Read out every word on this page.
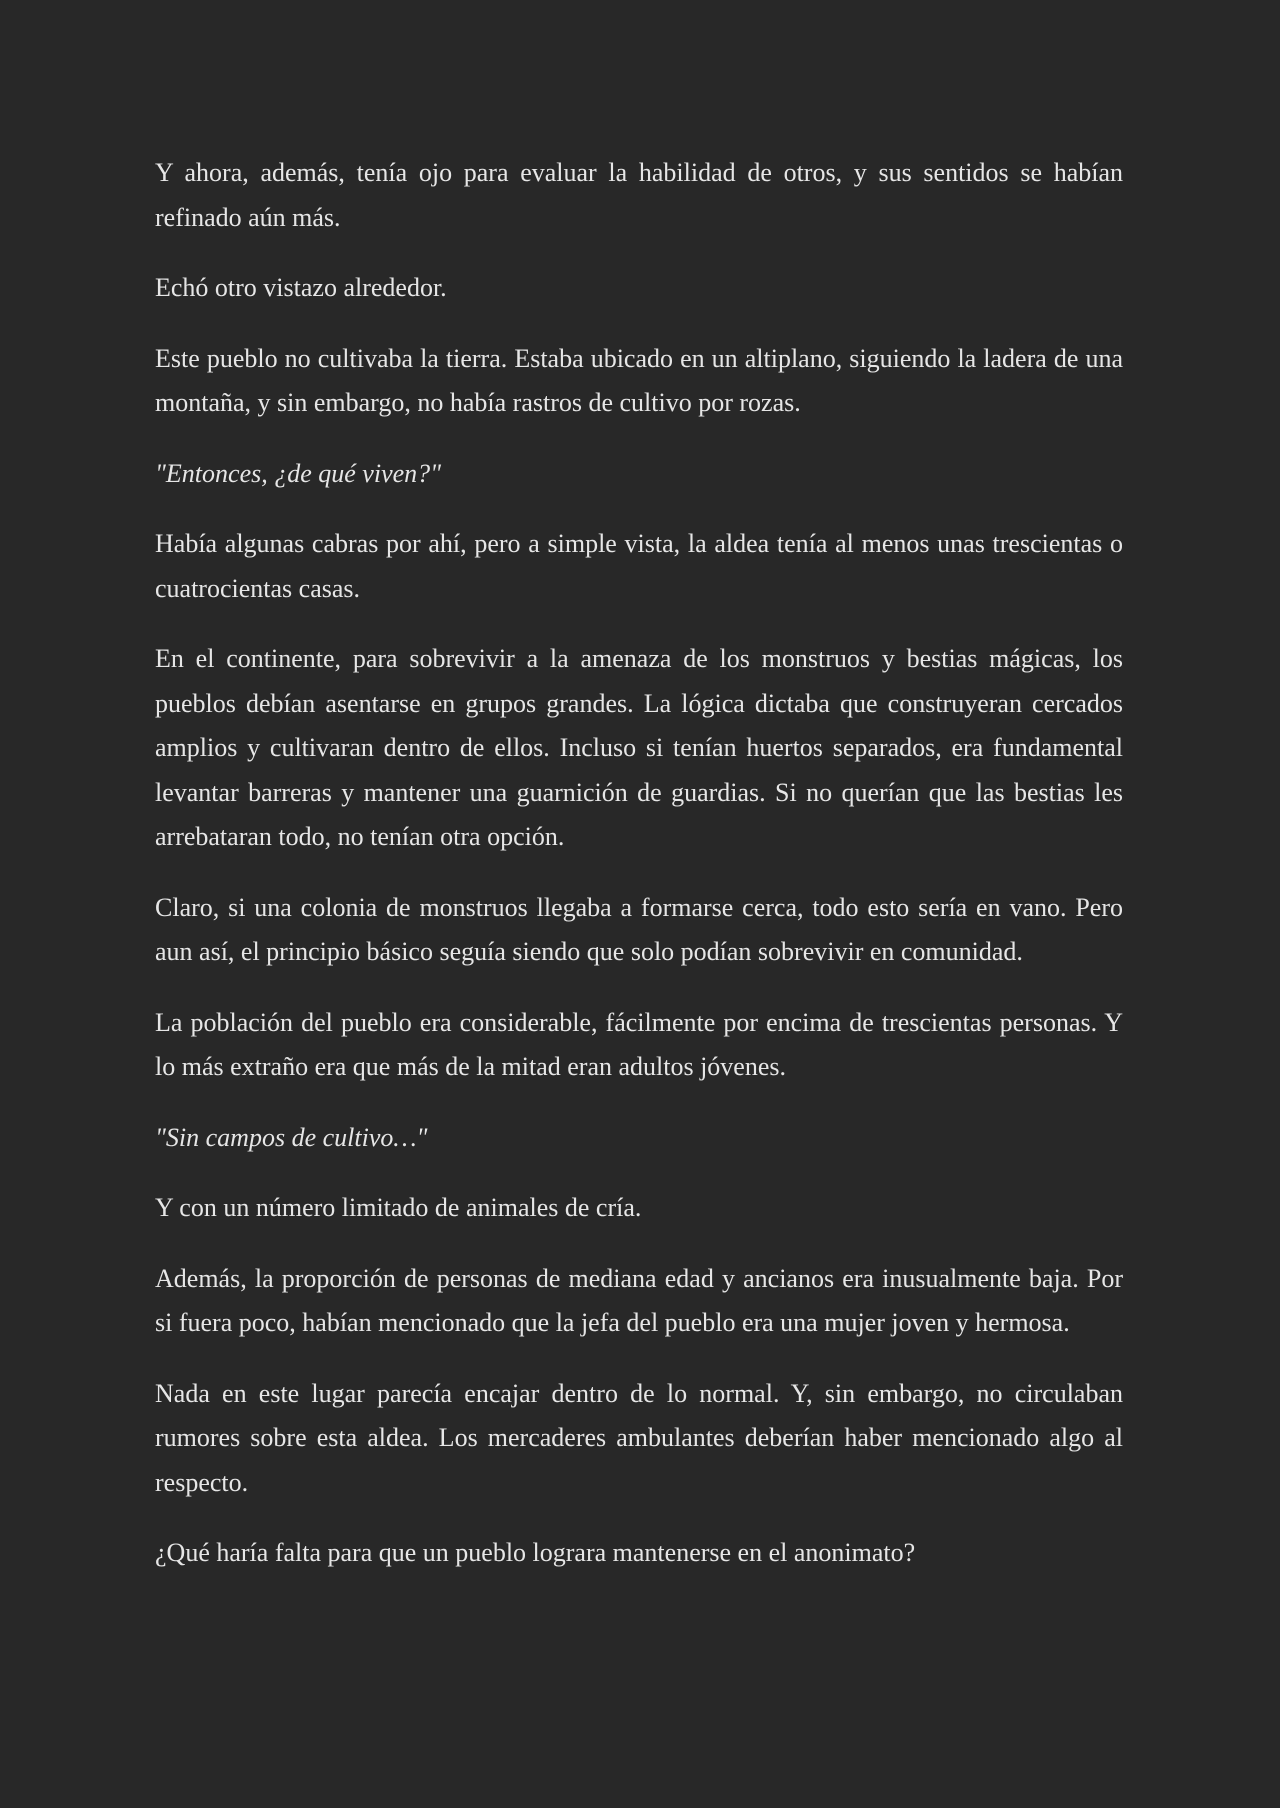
Y ahora, además, tenía ojo para evaluar la habilidad de otros, y sus sentidos se habían refinado aún más.

Echó otro vistazo alrededor.

Este pueblo no cultivaba la tierra. Estaba ubicado en un altiplano, siguiendo la ladera de una montaña, y sin embargo, no había rastros de cultivo por rozas.

"Entonces, ¿de qué viven?"

Había algunas cabras por ahí, pero a simple vista, la aldea tenía al menos unas trescientas o cuatrocientas casas.

En el continente, para sobrevivir a la amenaza de los monstruos y bestias mágicas, los pueblos debían asentarse en grupos grandes. La lógica dictaba que construyeran cercados amplios y cultivaran dentro de ellos. Incluso si tenían huertos separados, era fundamental levantar barreras y mantener una guarnición de guardias. Si no querían que las bestias les arrebataran todo, no tenían otra opción.

Claro, si una colonia de monstruos llegaba a formarse cerca, todo esto sería en vano. Pero aun así, el principio básico seguía siendo que solo podían sobrevivir en comunidad.

La población del pueblo era considerable, fácilmente por encima de trescientas personas. Y lo más extraño era que más de la mitad eran adultos jóvenes.

"Sin campos de cultivo…"

Y con un número limitado de animales de cría.

Además, la proporción de personas de mediana edad y ancianos era inusualmente baja. Por si fuera poco, habían mencionado que la jefa del pueblo era una mujer joven y hermosa.

Nada en este lugar parecía encajar dentro de lo normal. Y, sin embargo, no circulaban rumores sobre esta aldea. Los mercaderes ambulantes deberían haber mencionado algo al respecto.

¿Qué haría falta para que un pueblo lograra mantenerse en el anonimato?
